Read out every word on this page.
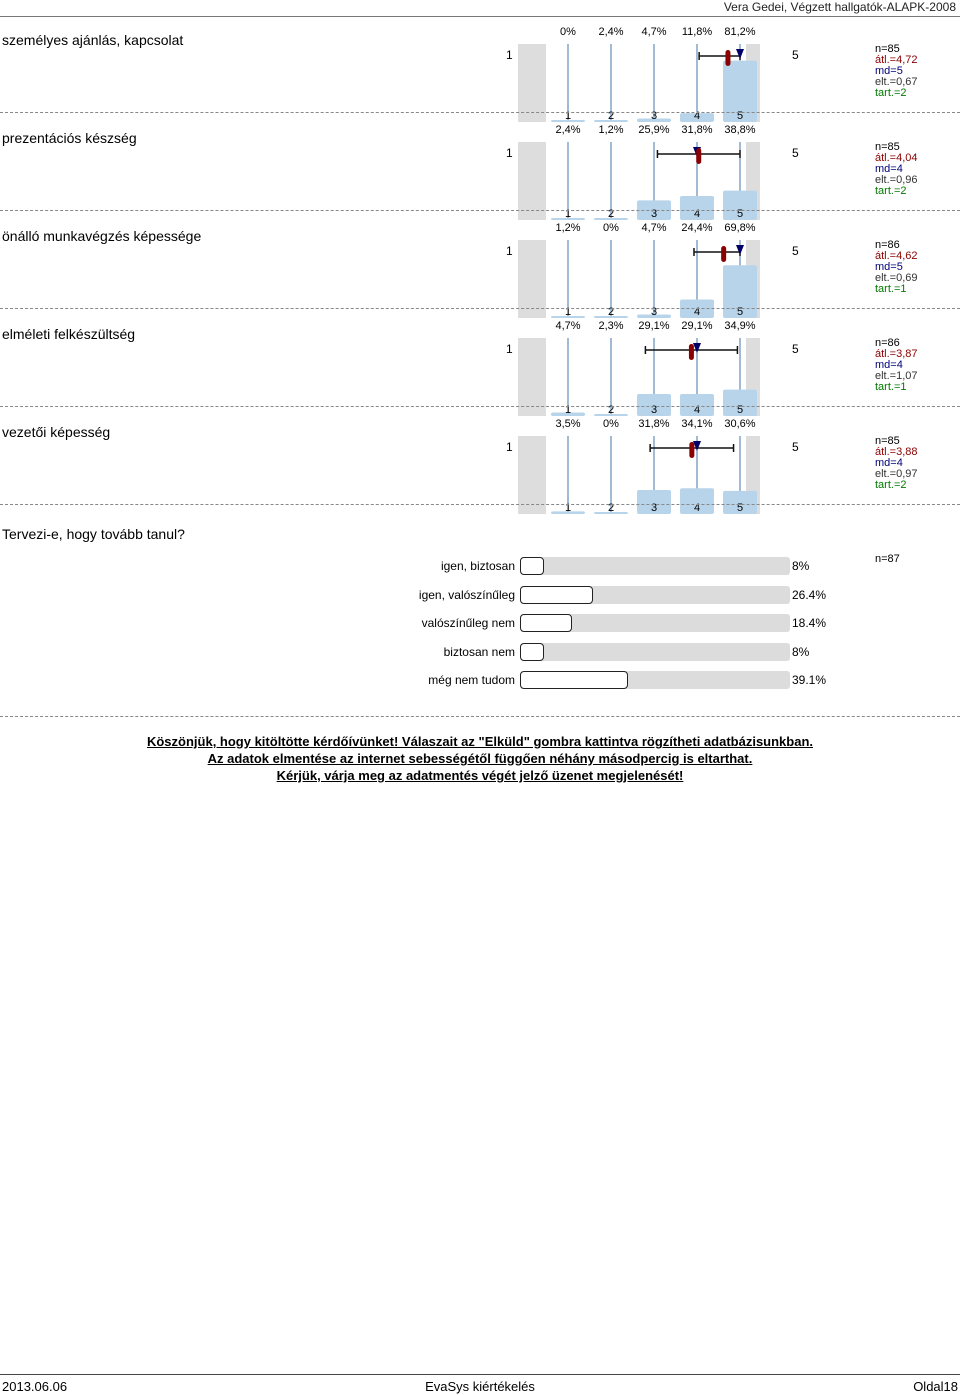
Vera Gedei, Végzett hallgatók-ALAPK-2008
személyes ajánlás, kapcsolat	0%	2,4%	4,7%	11,8%	81,2%
1	5
1	2	3	4	5
n=85
átl.=4,72
md=5
elt.=0,67
tart.=2
prezentációs készség	2,4%	1,2%	25,9%	31,8%	38,8%
1	5
1	2	3	4	5
n=85
átl.=4,04
md=4
elt.=0,96
tart.=2
önálló munkavégzés képessége	1,2%	0%	4,7%	24,4%	69,8%
1	5
1	2	3	4	5
n=86
átl.=4,62
md=5
elt.=0,69
tart.=1
elméleti felkészültség	4,7%	2,3%	29,1%	29,1%	34,9%
1	5
1	2	3	4	5
n=86
átl.=3,87
md=4
elt.=1,07
tart.=1
vezetői képesség	3,5%	0%	31,8%	34,1%	30,6%
1	5
1	2	3	4	5
n=85
átl.=3,88
md=4
elt.=0,97
tart.=2
Tervezi-e, hogy tovább tanul?
n=87
igen, biztosan	8%
igen, valószínűleg	26.4%
valószínűleg nem	18.4%
biztosan nem	8%
még nem tudom	39.1%
Köszönjük, hogy kitöltötte kérdőívünket! Válaszait az "Elküld" gombra kattintva rögzítheti adatbázisunkban.
Az adatok elmentése az internet sebességétől függően néhány másodpercig is eltarthat.
Kérjük, várja meg az adatmentés végét jelző üzenet megjelenését!
2013.06.06	EvaSys kiértékelés	Oldal18
